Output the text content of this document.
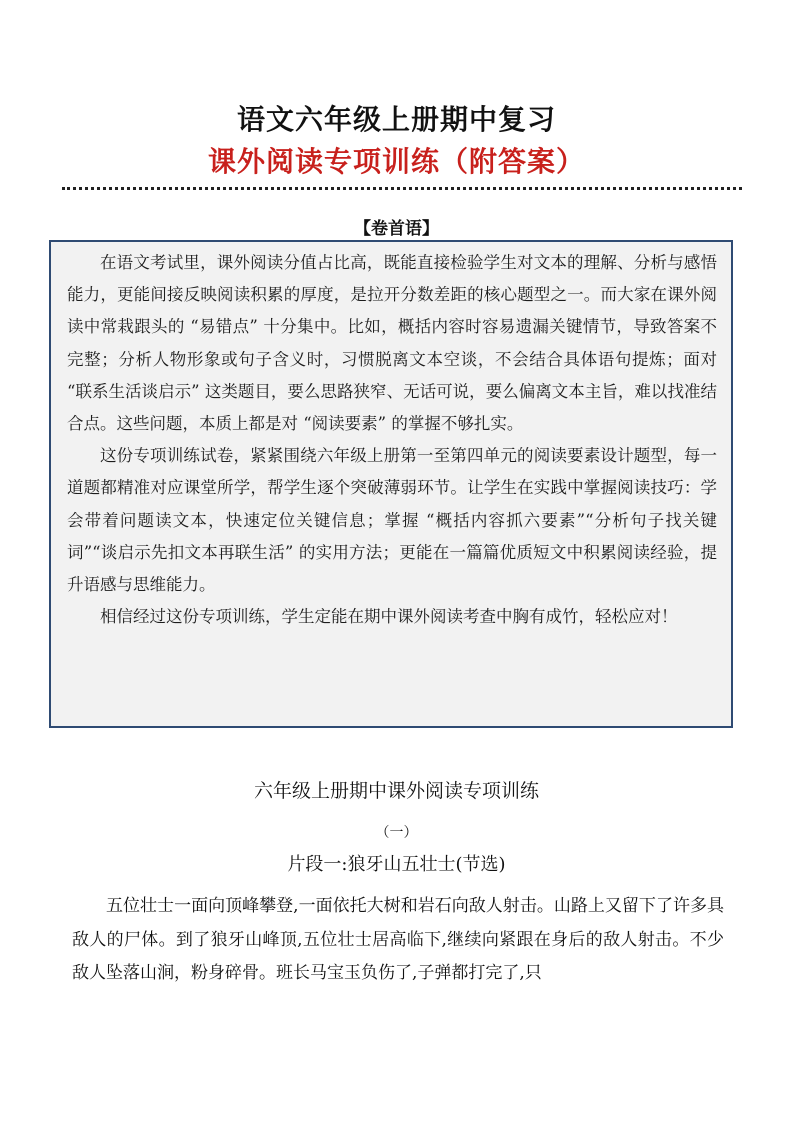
语文六年级上册期中复习
课外阅读专项训练（附答案）
【卷首语】

在语文考试里，课外阅读分值占比高，既能直接检验学生对文本的理解、分析与感悟能力，更能间接反映阅读积累的厚度，是拉开分数差距的核心题型之一。而大家在课外阅读中常栽跟头的 “易错点” 十分集中。比如，概括内容时容易遗漏关键情节，导致答案不完整；分析人物形象或句子含义时，习惯脱离文本空谈，不会结合具体语句提炼；面对 “联系生活谈启示” 这类题目，要么思路狭窄、无话可说，要么偏离文本主旨，难以找准结合点。这些问题，本质上都是对 “阅读要素” 的掌握不够扎实。

这份专项训练试卷，紧紧围绕六年级上册第一至第四单元的阅读要素设计题型，每一道题都精准对应课堂所学，帮学生逐个突破薄弱环节。让学生在实践中掌握阅读技巧：学会带着问题读文本，快速定位关键信息；掌握 “概括内容抓六要素”“分析句子找关键词”“谈启示先扣文本再联生活” 的实用方法；更能在一篇篇优质短文中积累阅读经验，提升语感与思维能力。

相信经过这份专项训练，学生定能在期中课外阅读考查中胸有成竹，轻松应对！

六年级上册期中课外阅读专项训练
（一）
片段一:狼牙山五壮士(节选)

五位壮士一面向顶峰攀登,一面依托大树和岩石向敌人射击。山路上又留下了许多具敌人的尸体。到了狼牙山峰顶,五位壮士居高临下,继续向紧跟在身后的敌人射击。不少敌人坠落山涧，粉身碎骨。班长马宝玉负伤了,子弹都打完了,只
